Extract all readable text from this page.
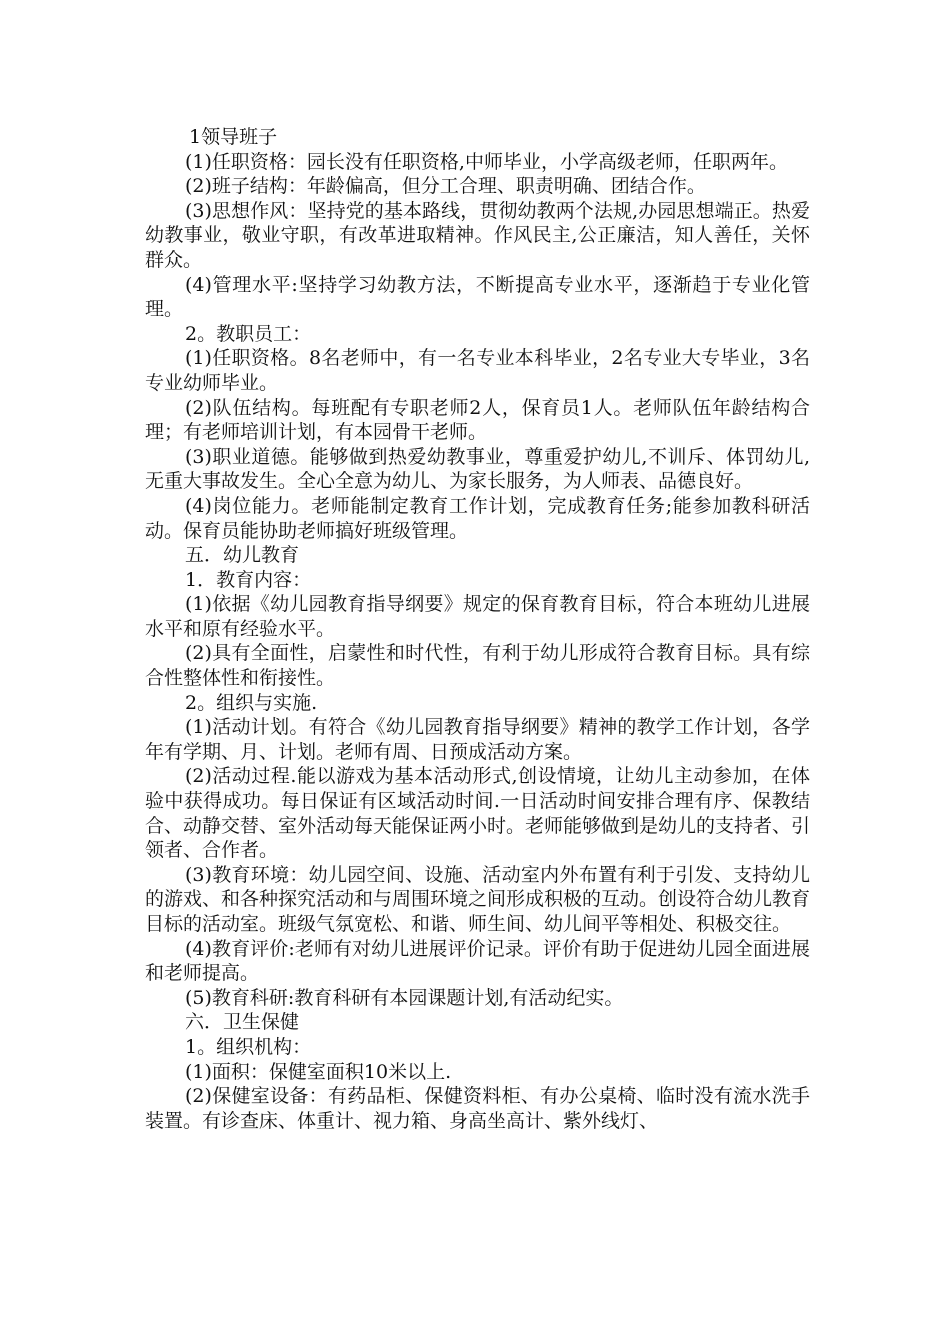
1领导班子

(1)任职资格：园长没有任职资格,中师毕业，小学高级老师，任职两年。

(2)班子结构：年龄偏高，但分工合理、职责明确、团结合作。

(3)思想作风：坚持党的基本路线，贯彻幼教两个法规,办园思想端正。热爱幼教事业，敬业守职，有改革进取精神。作风民主,公正廉洁，知人善任，关怀群众。

(4)管理水平:坚持学习幼教方法，不断提高专业水平，逐渐趋于专业化管理。

2。教职员工：

(1)任职资格。8名老师中，有一名专业本科毕业，2名专业大专毕业，3名专业幼师毕业。

(2)队伍结构。每班配有专职老师2人，保育员1人。老师队伍年龄结构合理；有老师培训计划，有本园骨干老师。

(3)职业道德。能够做到热爱幼教事业，尊重爱护幼儿,不训斥、体罚幼儿,无重大事故发生。全心全意为幼儿、为家长服务，为人师表、品德良好。

(4)岗位能力。老师能制定教育工作计划，完成教育任务;能参加教科研活动。保育员能协助老师搞好班级管理。

五．幼儿教育

1．教育内容：

(1)依据《幼儿园教育指导纲要》规定的保育教育目标，符合本班幼儿进展水平和原有经验水平。

(2)具有全面性，启蒙性和时代性，有利于幼儿形成符合教育目标。具有综合性整体性和衔接性。

2。组织与实施.

(1)活动计划。有符合《幼儿园教育指导纲要》精神的教学工作计划，各学年有学期、月、计划。老师有周、日预成活动方案。

(2)活动过程.能以游戏为基本活动形式,创设情境，让幼儿主动参加，在体验中获得成功。每日保证有区域活动时间.一日活动时间安排合理有序、保教结合、动静交替、室外活动每天能保证两小时。老师能够做到是幼儿的支持者、引领者、合作者。

(3)教育环境：幼儿园空间、设施、活动室内外布置有利于引发、支持幼儿的游戏、和各种探究活动和与周围环境之间形成积极的互动。创设符合幼儿教育目标的活动室。班级气氛宽松、和谐、师生间、幼儿间平等相处、积极交往。

(4)教育评价:老师有对幼儿进展评价记录。评价有助于促进幼儿园全面进展和老师提高。

(5)教育科研:教育科研有本园课题计划,有活动纪实。

六．卫生保健

1。组织机构：

(1)面积：保健室面积10米以上.

(2)保健室设备：有药品柜、保健资料柜、有办公桌椅、临时没有流水洗手装置。有诊查床、体重计、视力箱、身高坐高计、紫外线灯、
